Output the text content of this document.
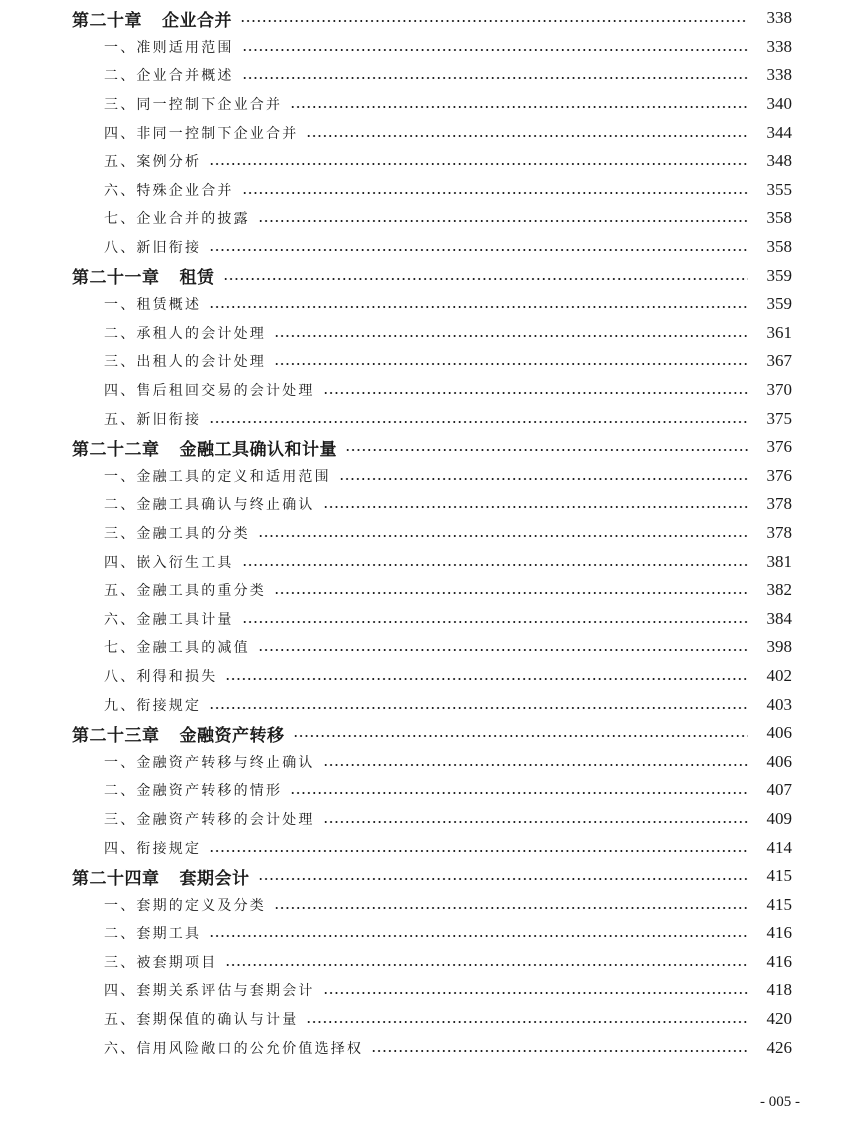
第二十章 企业合并	338
一、准则适用范围	338
二、企业合并概述	338
三、同一控制下企业合并	340
四、非同一控制下企业合并	344
五、案例分析	348
六、特殊企业合并	355
七、企业合并的披露	358
八、新旧衔接	358
第二十一章 租赁	359
一、租赁概述	359
二、承租人的会计处理	361
三、出租人的会计处理	367
四、售后租回交易的会计处理	370
五、新旧衔接	375
第二十二章 金融工具确认和计量	376
一、金融工具的定义和适用范围	376
二、金融工具确认与终止确认	378
三、金融工具的分类	378
四、嵌入衍生工具	381
五、金融工具的重分类	382
六、金融工具计量	384
七、金融工具的减值	398
八、利得和损失	402
九、衔接规定	403
第二十三章 金融资产转移	406
一、金融资产转移与终止确认	406
二、金融资产转移的情形	407
三、金融资产转移的会计处理	409
四、衔接规定	414
第二十四章 套期会计	415
一、套期的定义及分类	415
二、套期工具	416
三、被套期项目	416
四、套期关系评估与套期会计	418
五、套期保值的确认与计量	420
六、信用风险敞口的公允价值选择权	426
- 005 -
